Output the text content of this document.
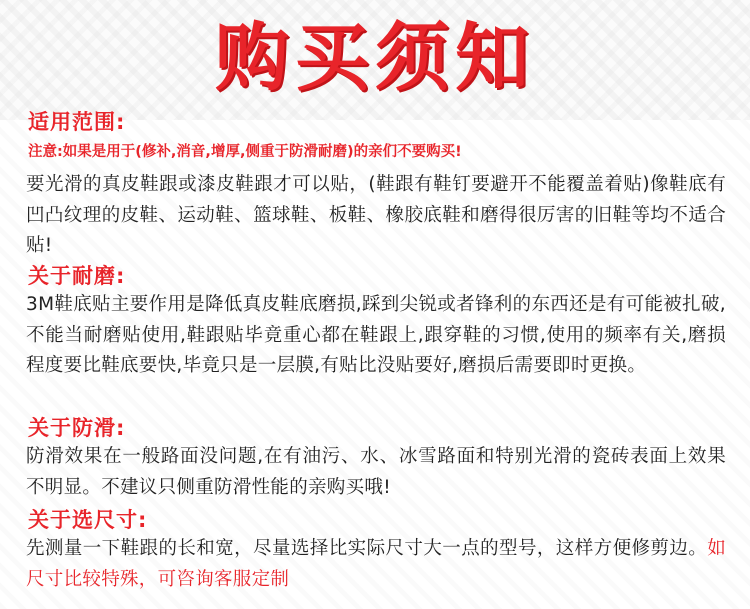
购买须知
适用范围:
注意:如果是用于(修补,消音,增厚,侧重于防滑耐磨)的亲们不要购买!
要光滑的真皮鞋跟或漆皮鞋跟才可以贴，(鞋跟有鞋钉要避开不能覆盖着贴)像鞋底有凹凸纹理的皮鞋、运动鞋、篮球鞋、板鞋、橡胶底鞋和磨得很厉害的旧鞋等均不适合贴!
关于耐磨:
3M鞋底贴主要作用是降低真皮鞋底磨损,踩到尖锐或者锋利的东西还是有可能被扎破,不能当耐磨贴使用,鞋跟贴毕竟重心都在鞋跟上,跟穿鞋的习惯,使用的频率有关,磨损程度要比鞋底要快,毕竟只是一层膜,有贴比没贴要好,磨损后需要即时更换。
关于防滑:
防滑效果在一般路面没问题,在有油污、水、冰雪路面和特别光滑的瓷砖表面上效果不明显。不建议只侧重防滑性能的亲购买哦!
关于选尺寸:
先测量一下鞋跟的长和宽，尽量选择比实际尺寸大一点的型号，这样方便修剪边。如尺寸比较特殊，可咨询客服定制
